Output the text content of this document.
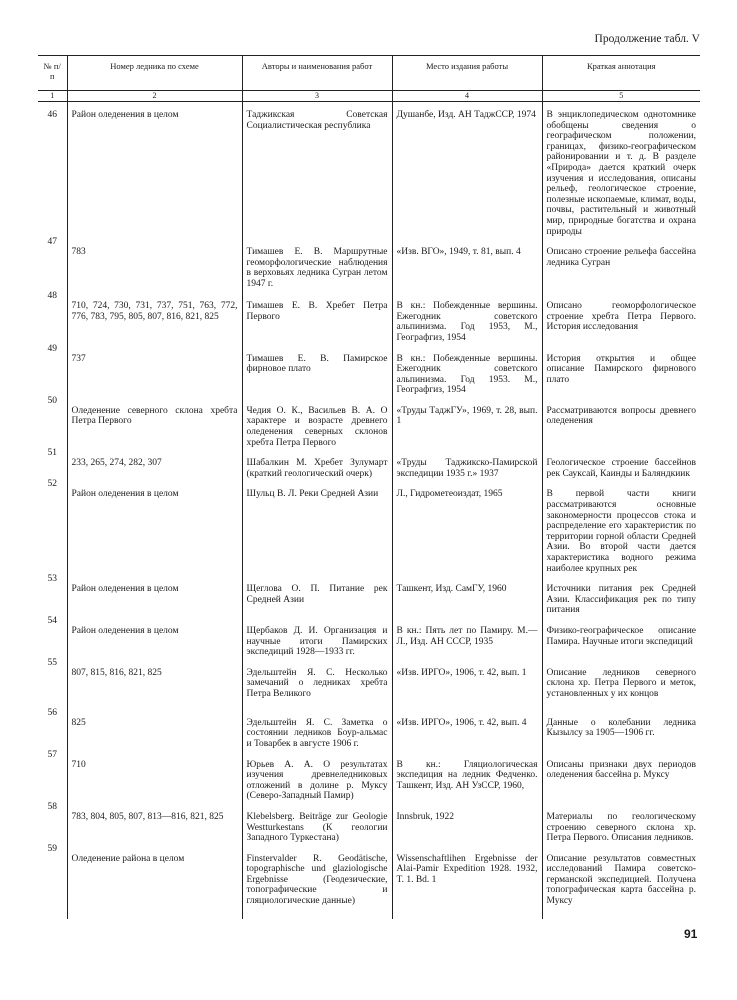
Продолжение табл. V
№ п/п	Номер ледника по схеме	Авторы и наименования работ	Место издания работы	Краткая аннотация
1	2	3	4	5
46	Район оледенения в целом	Таджикская Советская Социалистическая республика	Душанбе, Изд. АН ТаджССР, 1974	В энциклопедическом однотомнике обобщены сведения о географическом положении, границах, физико-географическом районировании и т. д. В разделе «Природа» дается краткий очерк изучения и исследования, описаны рельеф, геологическое строение, полезные ископаемые, климат, воды, почвы, растительный и животный мир, природные богатства и охрана природы
47	783	Тимашев Е. В. Маршрутные геоморфологические наблюдения в верховьях ледника Сугран летом 1947 г.	«Изв. ВГО», 1949, т. 81, вып. 4	Описано строение рельефа бассейна ледника Сугран
48	710, 724, 730, 731, 737, 751, 763, 772, 776, 783, 795, 805, 807, 816, 821, 825	Тимашев Е. В. Хребет Петра Первого	В кн.: Побежденные вершины. Ежегодник советского альпинизма. Год 1953, М., Географгиз, 1954	Описано геоморфологическое строение хребта Петра Первого. История исследования
49	737	Тимашев Е. В. Памирское фирновое плато	В кн.: Побежденные вершины. Ежегодник советского альпинизма. Год 1953. М., Географгиз, 1954	История открытия и общее описание Памирского фирнового плато
50	Оледенение северного склона хребта Петра Первого	Чедия О. К., Васильев В. А. О характере и возрасте древнего оледенения северных склонов хребта Петра Первого	«Труды ТаджГУ», 1969, т. 28, вып. 1	Рассматриваются вопросы древнего оледенения
51	233, 265, 274, 282, 307	Шабалкин М. Хребет Зулумарт (краткий геологический очерк)	«Труды Таджикско-Памирской экспедиции 1935 г.» 1937	Геологическое строение бассейнов рек Саукcай, Каинды и Баляндкиик
52	Район оледенения в целом	Шульц В. Л. Реки Средней Азии	Л., Гидрометеоиздат, 1965	В первой части книги рассматриваются основные закономерности процессов стока и распределение его характеристик по территории горной области Средней Азии. Во второй части дается характеристика водного режима наиболее крупных рек
53	Район оледенения в целом	Щеглова О. П. Питание рек Средней Азии	Ташкент, Изд. СамГУ, 1960	Источники питания рек Средней Азии. Классификация рек по типу питания
54	Район оледенения в целом	Щербаков Д. И. Организация и научные итоги Памирских экспедиций 1928—1933 гг.	В кн.: Пять лет по Памиру. М.—Л., Изд. АН СССР, 1935	Физико-географическое описание Памира. Научные итоги экспедиций
55	807, 815, 816, 821, 825	Эдельштейн Я. С. Несколько замечаний о ледниках хребта Петра Великого	«Изв. ИРГО», 1906, т. 42, вып. 1	Описание ледников северного склона хр. Петра Первого и меток, установленных у их концов
56	825	Эдельштейн Я. С. Заметка о состоянии ледников Боур-альмас и Товарбек в августе 1906 г.	«Изв. ИРГО», 1906, т. 42, вып. 4	Данные о колебании ледника Кызылсу за 1905—1906 гг.
57	710	Юрьев А. А. О результатах изучения древнеледниковых отложений в долине р. Муксу (Северо-Западный Памир)	В кн.: Гляциологическая экспедиция на ледник Федченко. Ташкент, Изд. АН УзССР, 1960,	Описаны признаки двух периодов оледенения бассейна р. Муксу
58	783, 804, 805, 807, 813—816, 821, 825	Klebelsberg. Beiträge zur Geologie Westturkestans (К геологии Западного Туркестана)	Innsbruk, 1922	Материалы по геологическому строению северного склона хр. Петра Первого. Описания ледников.
59	Оледенение района в целом	Finstervalder R. Geodätische, topographische und glaziologische Ergebnisse (Геодезические, топографические и гляциологические данные)	Wissenschaftlihen Ergebnisse der Alai-Pamir Expedition 1928. 1932, T. 1. Bd. 1	Описание результатов совместных исследований Памира советско-германской экспедицией. Получена топографическая карта бассейна р. Муксу
91
